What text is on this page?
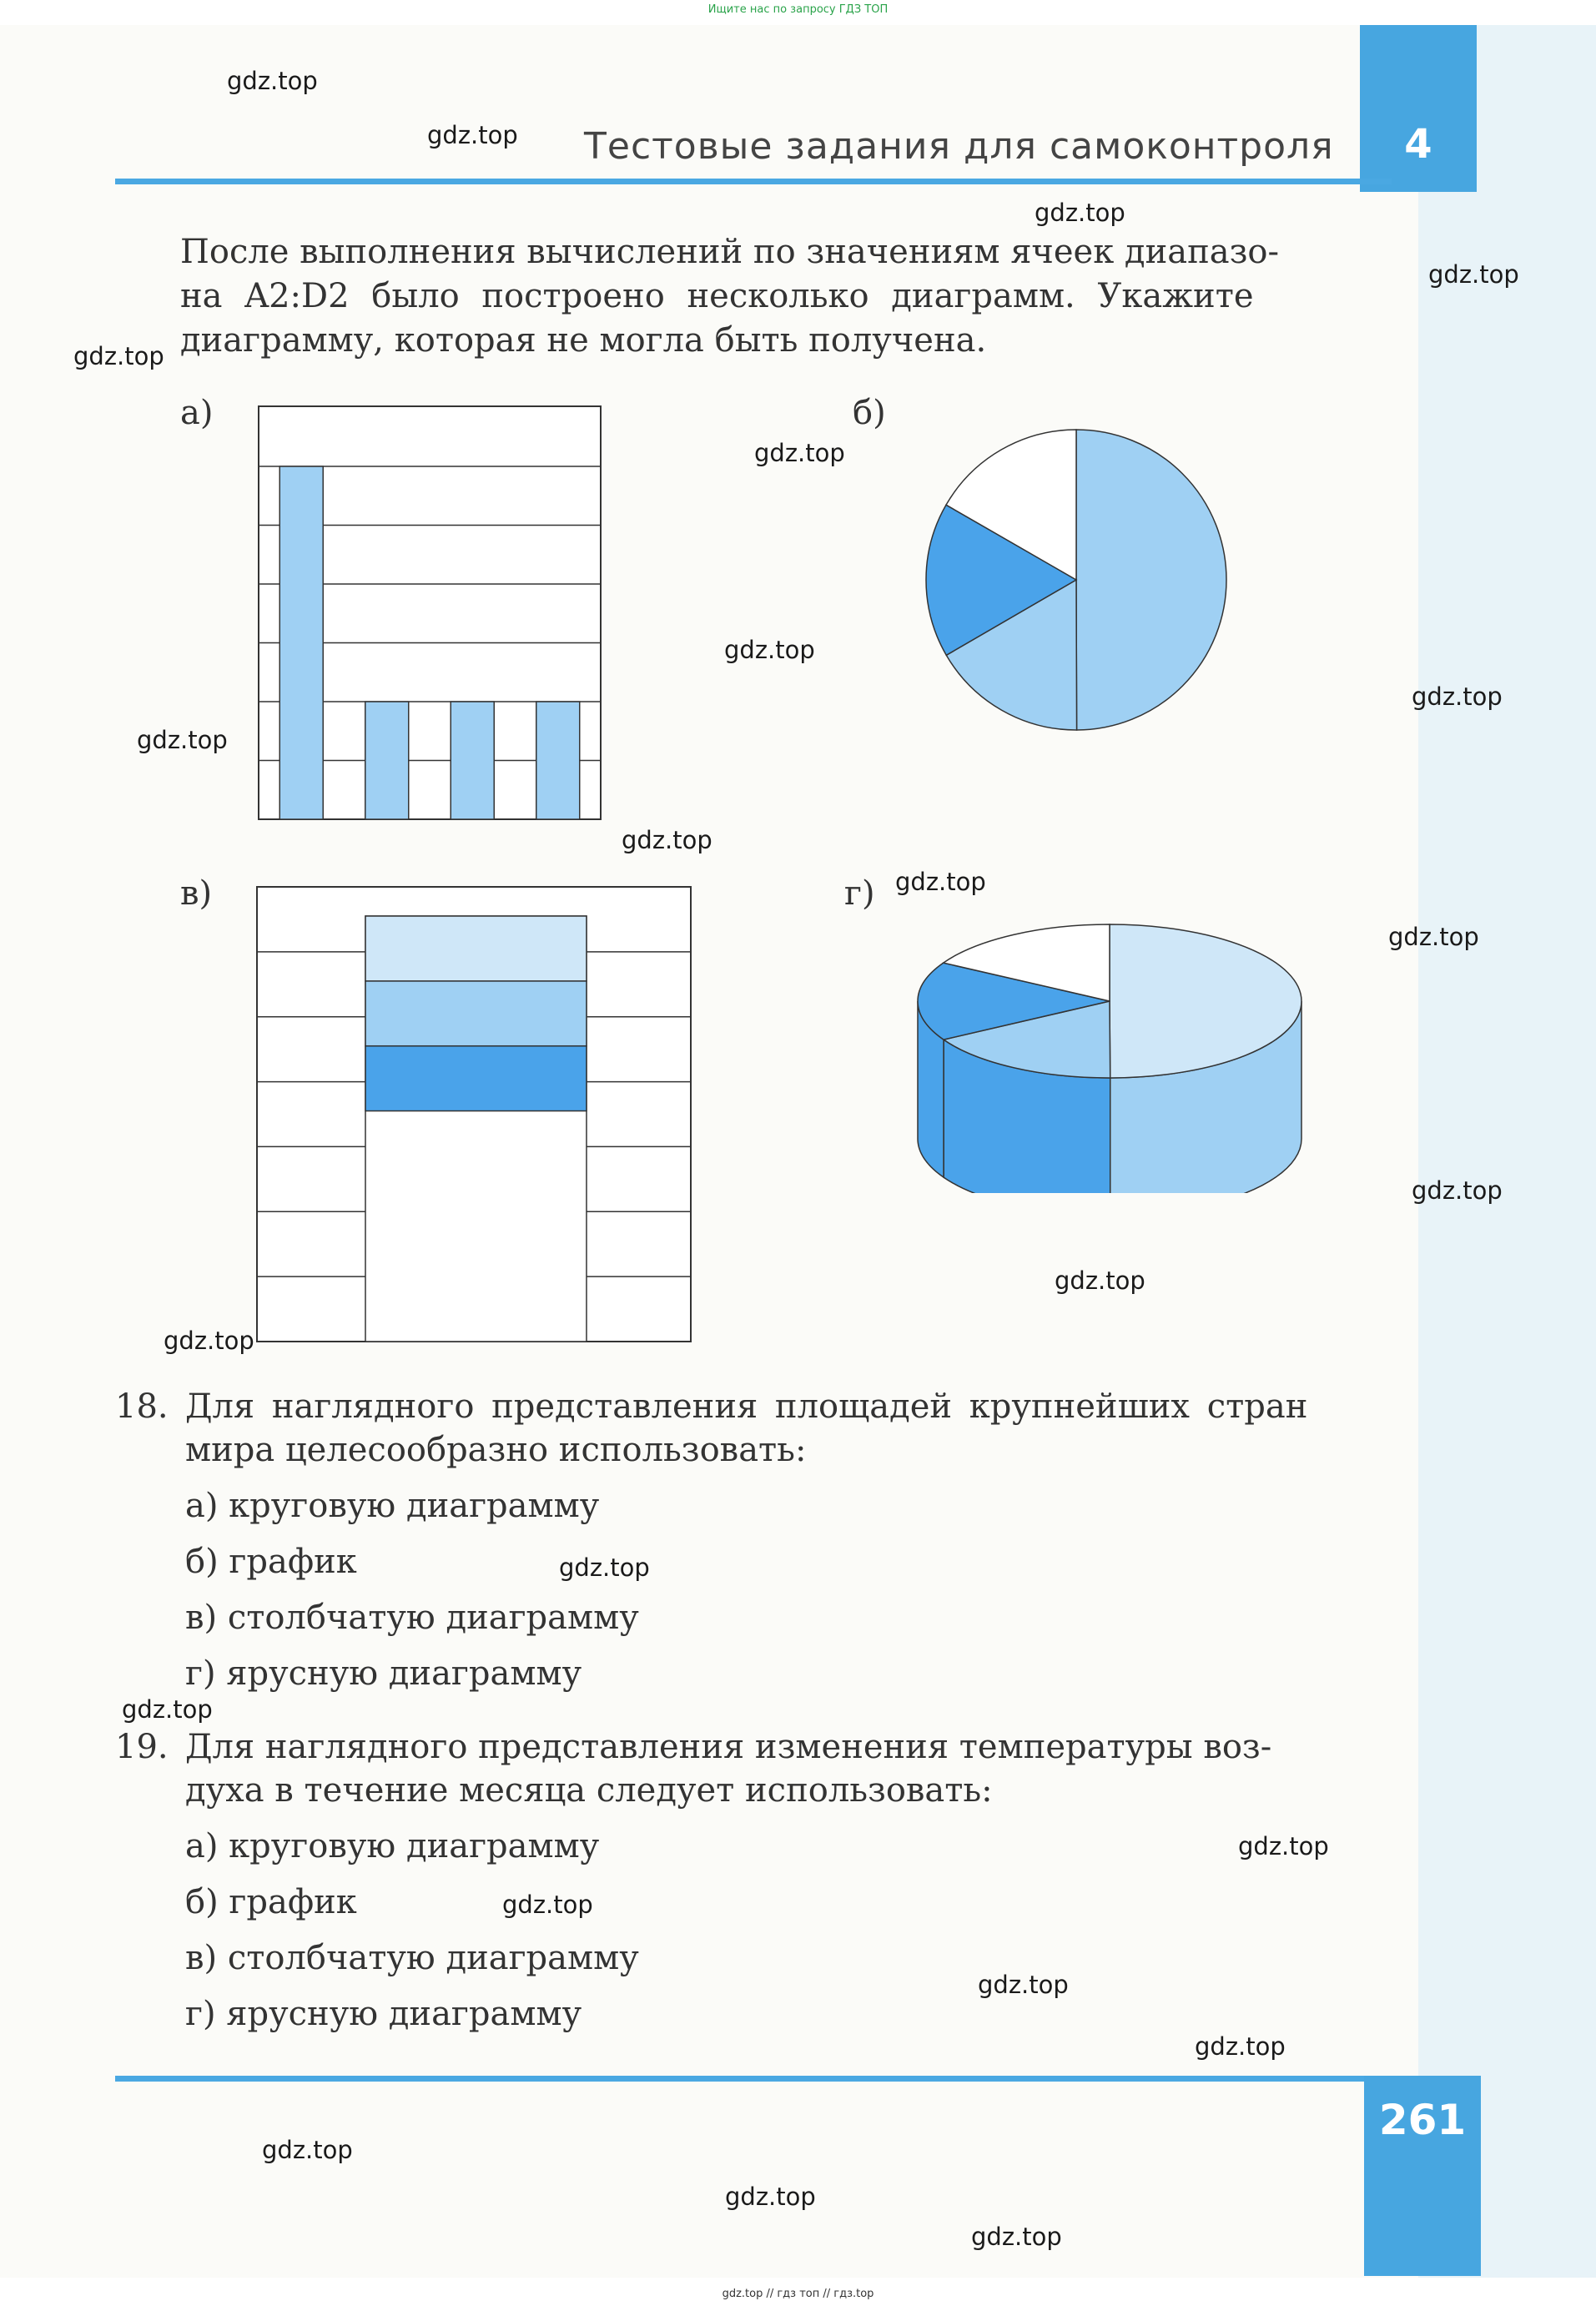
Ищите нас по запросу ГДЗ ТОП
4
Тестовые задания для самоконтроля
После выполнения вычислений по значениям ячеек диапазо-
на A2:D2 было построено несколько диаграмм. Укажите
диаграмму, которая не могла быть получена.
а)	б)
в)	г)
18. Для наглядного представления площадей крупнейших стран
мира целесообразно использовать:
а) круговую диаграмму
б) график
в) столбчатую диаграмму
г) ярусную диаграмму
19. Для наглядного представления изменения температуры воз-
духа в течение месяца следует использовать:
а) круговую диаграмму
б) график
в) столбчатую диаграмму
г) ярусную диаграмму
261
gdz.top
gdz.top
gdz.top
gdz.top
gdz.top
gdz.top
gdz.top
gdz.top
gdz.top
gdz.top
gdz.top
gdz.top
gdz.top
gdz.top
gdz.top
gdz.top
gdz.top
gdz.top
gdz.top
gdz.top
gdz.top
gdz.top
gdz.top
gdz.top
gdz.top // гдз топ // гдз.top
